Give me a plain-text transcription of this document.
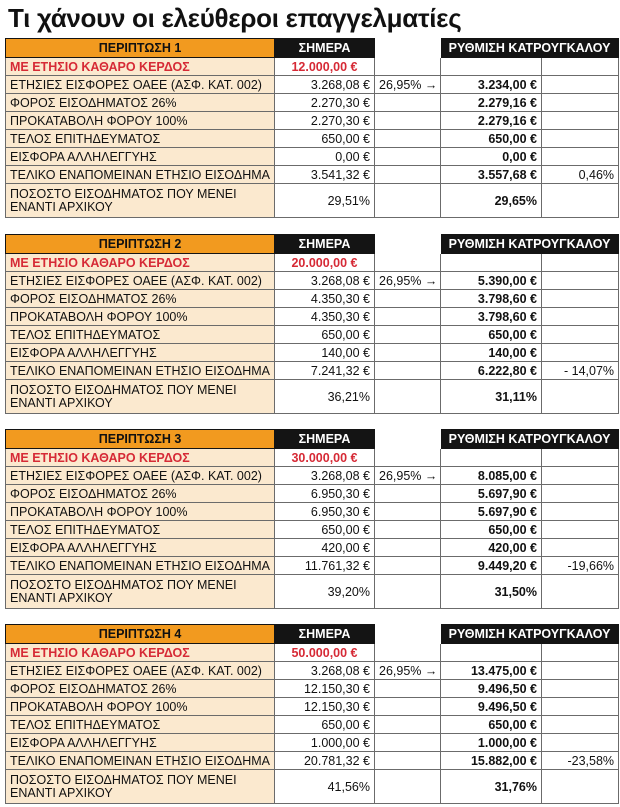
Τι χάνουν οι ελεύθεροι επαγγελματίες
ΠΕΡΙΠΤΩΣΗ 1	ΣΗΜΕΡΑ		ΡΥΘΜΙΣΗ ΚΑΤΡΟΥΓΚΑΛΟΥ	
ΜΕ ΕΤΗΣΙΟ ΚΑΘΑΡΟ ΚΕΡΔΟΣ	12.000,00 €			
ΕΤΗΣΙΕΣ ΕΙΣΦΟΡΕΣ ΟΑΕΕ (ΑΣΦ. ΚΑΤ. 002)	3.268,08 €	26,95% →	3.234,00 €	
ΦΟΡΟΣ ΕΙΣΟΔΗΜΑΤΟΣ 26%	2.270,30 €		2.279,16 €	
ΠΡΟΚΑΤΑΒΟΛΗ ΦΟΡΟΥ 100%	2.270,30 €		2.279,16 €	
ΤΕΛΟΣ ΕΠΙΤΗΔΕΥΜΑΤΟΣ	650,00 €		650,00 €	
ΕΙΣΦΟΡΑ ΑΛΛΗΛΕΓΓΥΗΣ	0,00 €		0,00 €	
ΤΕΛΙΚΟ ΕΝΑΠΟΜΕΙΝΑΝ ΕΤΗΣΙΟ ΕΙΣΟΔΗΜΑ	3.541,32 €		3.557,68 €	0,46%
ΠΟΣΟΣΤΟ ΕΙΣΟΔΗΜΑΤΟΣ ΠΟΥ ΜΕΝΕΙ ΕΝΑΝΤΙ ΑΡΧΙΚΟΥ	29,51%		29,65%	
ΠΕΡΙΠΤΩΣΗ 2	ΣΗΜΕΡΑ		ΡΥΘΜΙΣΗ ΚΑΤΡΟΥΓΚΑΛΟΥ	
ΜΕ ΕΤΗΣΙΟ ΚΑΘΑΡΟ ΚΕΡΔΟΣ	20.000,00 €			
ΕΤΗΣΙΕΣ ΕΙΣΦΟΡΕΣ ΟΑΕΕ (ΑΣΦ. ΚΑΤ. 002)	3.268,08 €	26,95% →	5.390,00 €	
ΦΟΡΟΣ ΕΙΣΟΔΗΜΑΤΟΣ 26%	4.350,30 €		3.798,60 €	
ΠΡΟΚΑΤΑΒΟΛΗ ΦΟΡΟΥ 100%	4.350,30 €		3.798,60 €	
ΤΕΛΟΣ ΕΠΙΤΗΔΕΥΜΑΤΟΣ	650,00 €		650,00 €	
ΕΙΣΦΟΡΑ ΑΛΛΗΛΕΓΓΥΗΣ	140,00 €		140,00 €	
ΤΕΛΙΚΟ ΕΝΑΠΟΜΕΙΝΑΝ ΕΤΗΣΙΟ ΕΙΣΟΔΗΜΑ	7.241,32 €		6.222,80 €	- 14,07%
ΠΟΣΟΣΤΟ ΕΙΣΟΔΗΜΑΤΟΣ ΠΟΥ ΜΕΝΕΙ ΕΝΑΝΤΙ ΑΡΧΙΚΟΥ	36,21%		31,11%	
ΠΕΡΙΠΤΩΣΗ 3	ΣΗΜΕΡΑ		ΡΥΘΜΙΣΗ ΚΑΤΡΟΥΓΚΑΛΟΥ	
ΜΕ ΕΤΗΣΙΟ ΚΑΘΑΡΟ ΚΕΡΔΟΣ	30.000,00 €			
ΕΤΗΣΙΕΣ ΕΙΣΦΟΡΕΣ ΟΑΕΕ (ΑΣΦ. ΚΑΤ. 002)	3.268,08 €	26,95% →	8.085,00 €	
ΦΟΡΟΣ ΕΙΣΟΔΗΜΑΤΟΣ 26%	6.950,30 €		5.697,90 €	
ΠΡΟΚΑΤΑΒΟΛΗ ΦΟΡΟΥ 100%	6.950,30 €		5.697,90 €	
ΤΕΛΟΣ ΕΠΙΤΗΔΕΥΜΑΤΟΣ	650,00 €		650,00 €	
ΕΙΣΦΟΡΑ ΑΛΛΗΛΕΓΓΥΗΣ	420,00 €		420,00 €	
ΤΕΛΙΚΟ ΕΝΑΠΟΜΕΙΝΑΝ ΕΤΗΣΙΟ ΕΙΣΟΔΗΜΑ	11.761,32 €		9.449,20 €	-19,66%
ΠΟΣΟΣΤΟ ΕΙΣΟΔΗΜΑΤΟΣ ΠΟΥ ΜΕΝΕΙ ΕΝΑΝΤΙ ΑΡΧΙΚΟΥ	39,20%		31,50%	
ΠΕΡΙΠΤΩΣΗ 4	ΣΗΜΕΡΑ		ΡΥΘΜΙΣΗ ΚΑΤΡΟΥΓΚΑΛΟΥ	
ΜΕ ΕΤΗΣΙΟ ΚΑΘΑΡΟ ΚΕΡΔΟΣ	50.000,00 €			
ΕΤΗΣΙΕΣ ΕΙΣΦΟΡΕΣ ΟΑΕΕ (ΑΣΦ. ΚΑΤ. 002)	3.268,08 €	26,95% →	13.475,00 €	
ΦΟΡΟΣ ΕΙΣΟΔΗΜΑΤΟΣ 26%	12.150,30 €		9.496,50 €	
ΠΡΟΚΑΤΑΒΟΛΗ ΦΟΡΟΥ 100%	12.150,30 €		9.496,50 €	
ΤΕΛΟΣ ΕΠΙΤΗΔΕΥΜΑΤΟΣ	650,00 €		650,00 €	
ΕΙΣΦΟΡΑ ΑΛΛΗΛΕΓΓΥΗΣ	1.000,00 €		1.000,00 €	
ΤΕΛΙΚΟ ΕΝΑΠΟΜΕΙΝΑΝ ΕΤΗΣΙΟ ΕΙΣΟΔΗΜΑ	20.781,32 €		15.882,00 €	-23,58%
ΠΟΣΟΣΤΟ ΕΙΣΟΔΗΜΑΤΟΣ ΠΟΥ ΜΕΝΕΙ ΕΝΑΝΤΙ ΑΡΧΙΚΟΥ	41,56%		31,76%	
